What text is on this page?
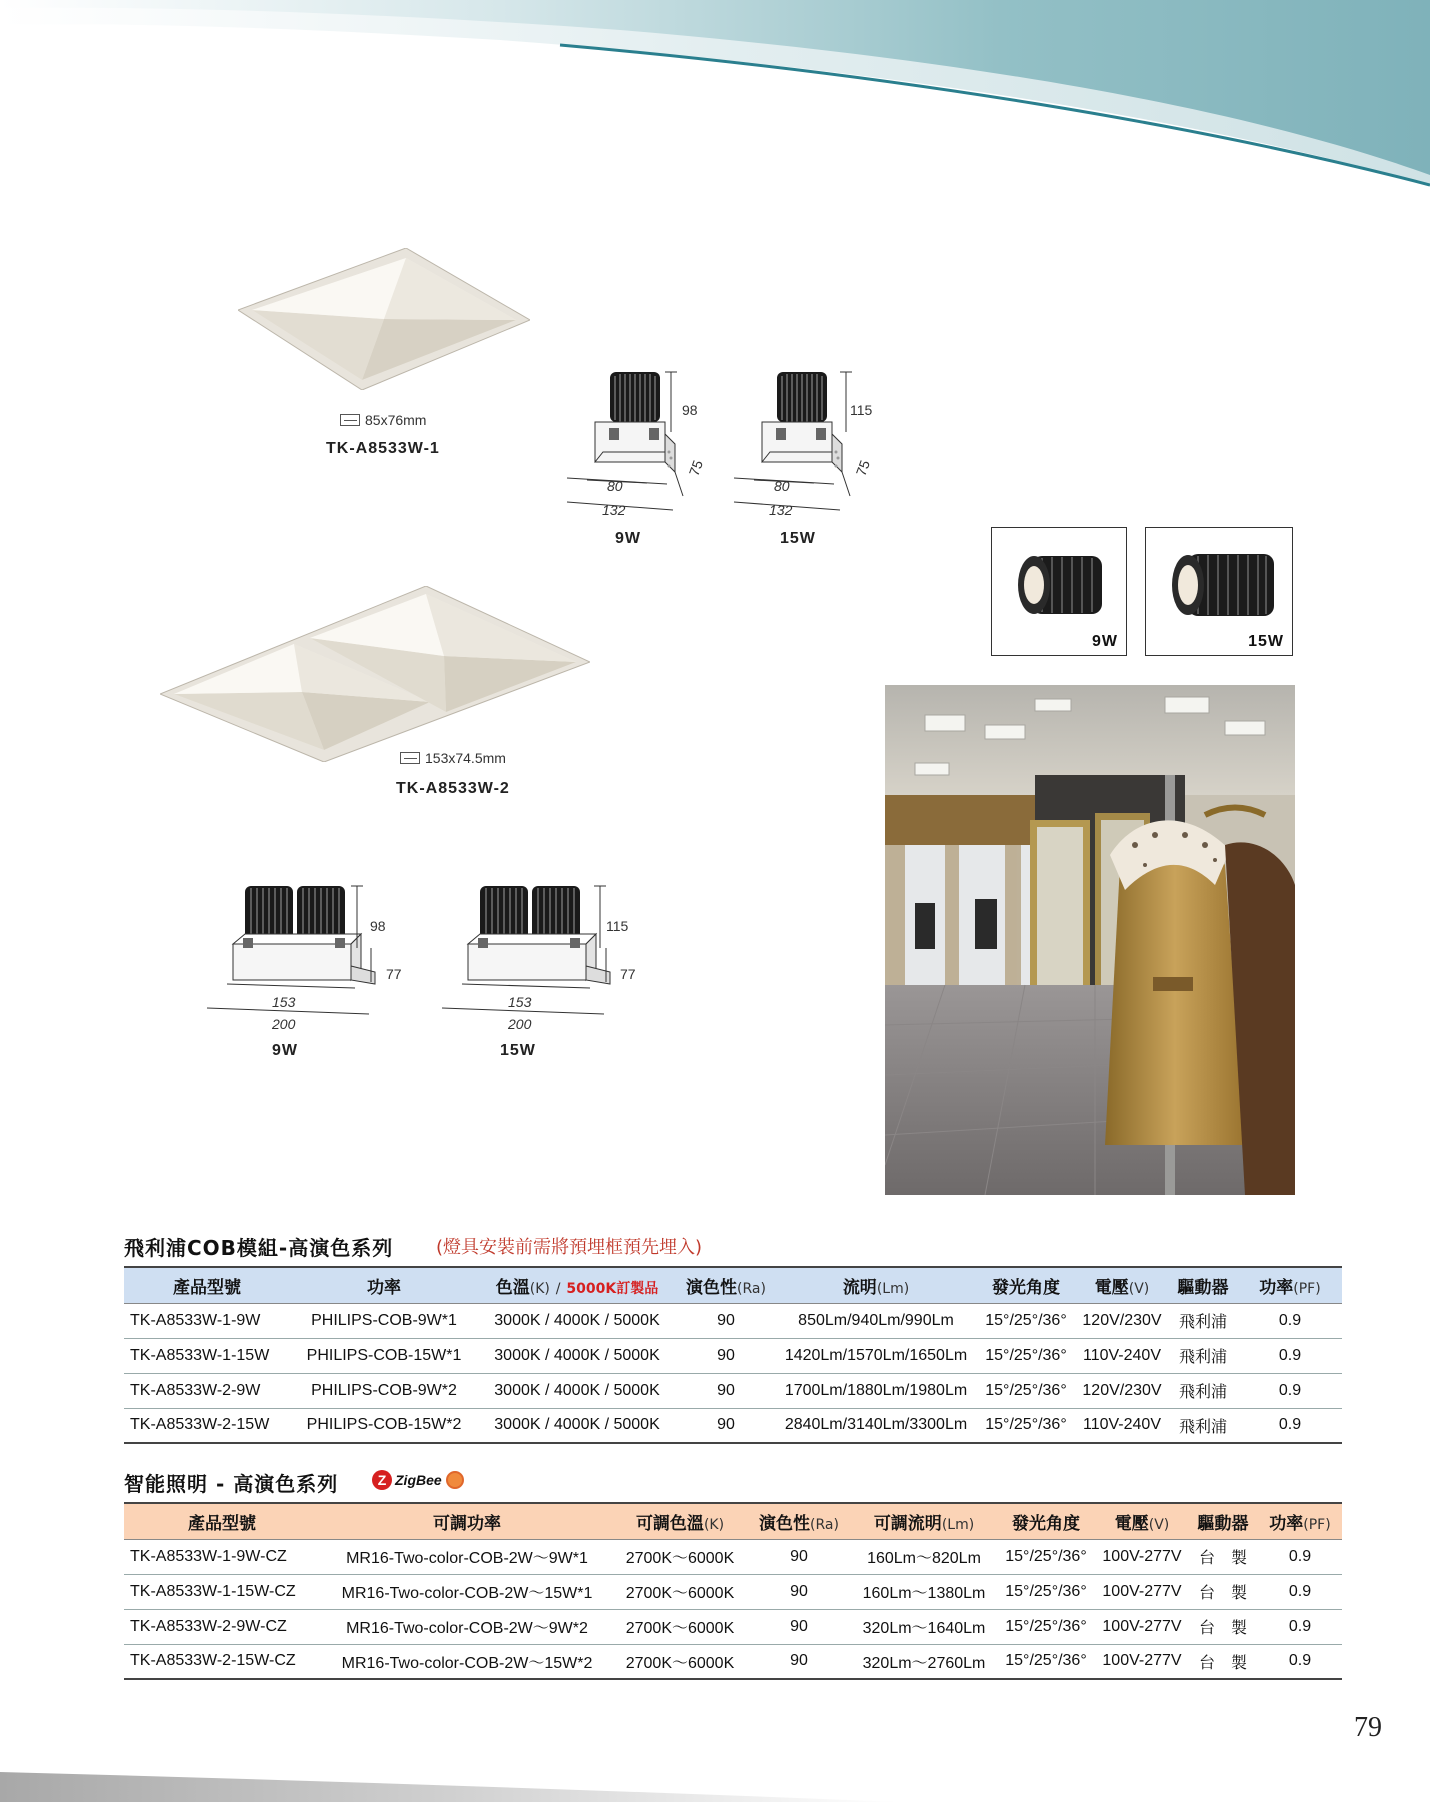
85x76mm
TK-A8533W-1
98
75
80
132
9W
115
75
80
132
15W
9W	15W
153x74.5mm
TK-A8533W-2
98
77
153
200
9W
115
77
153
200
15W
飛利浦COB模組-高演色系列 (燈具安裝前需將預埋框預先埋入)
產品型號	功率	色溫(K) / 5000K訂製品	演色性(Ra)	流明(Lm)	發光角度	電壓(V)	驅動器	功率(PF)
TK-A8533W-1-9W	PHILIPS-COB-9W*1	3000K / 4000K / 5000K	90	850Lm/940Lm/990Lm	15°/25°/36°	120V/230V	飛利浦	0.9
TK-A8533W-1-15W	PHILIPS-COB-15W*1	3000K / 4000K / 5000K	90	1420Lm/1570Lm/1650Lm	15°/25°/36°	110V-240V	飛利浦	0.9
TK-A8533W-2-9W	PHILIPS-COB-9W*2	3000K / 4000K / 5000K	90	1700Lm/1880Lm/1980Lm	15°/25°/36°	120V/230V	飛利浦	0.9
TK-A8533W-2-15W	PHILIPS-COB-15W*2	3000K / 4000K / 5000K	90	2840Lm/3140Lm/3300Lm	15°/25°/36°	110V-240V	飛利浦	0.9
智能照明 - 高演色系列	Z ZigBee
產品型號	可調功率	可調色溫(K)	演色性(Ra)	可調流明(Lm)	發光角度	電壓(V)	驅動器	功率(PF)
TK-A8533W-1-9W-CZ	MR16-Two-color-COB-2W～9W*1	2700K～6000K	90	160Lm～820Lm	15°/25°/36°	100V-277V	台　製	0.9
TK-A8533W-1-15W-CZ	MR16-Two-color-COB-2W～15W*1	2700K～6000K	90	160Lm～1380Lm	15°/25°/36°	100V-277V	台　製	0.9
TK-A8533W-2-9W-CZ	MR16-Two-color-COB-2W～9W*2	2700K～6000K	90	320Lm～1640Lm	15°/25°/36°	100V-277V	台　製	0.9
TK-A8533W-2-15W-CZ	MR16-Two-color-COB-2W～15W*2	2700K～6000K	90	320Lm～2760Lm	15°/25°/36°	100V-277V	台　製	0.9
79
